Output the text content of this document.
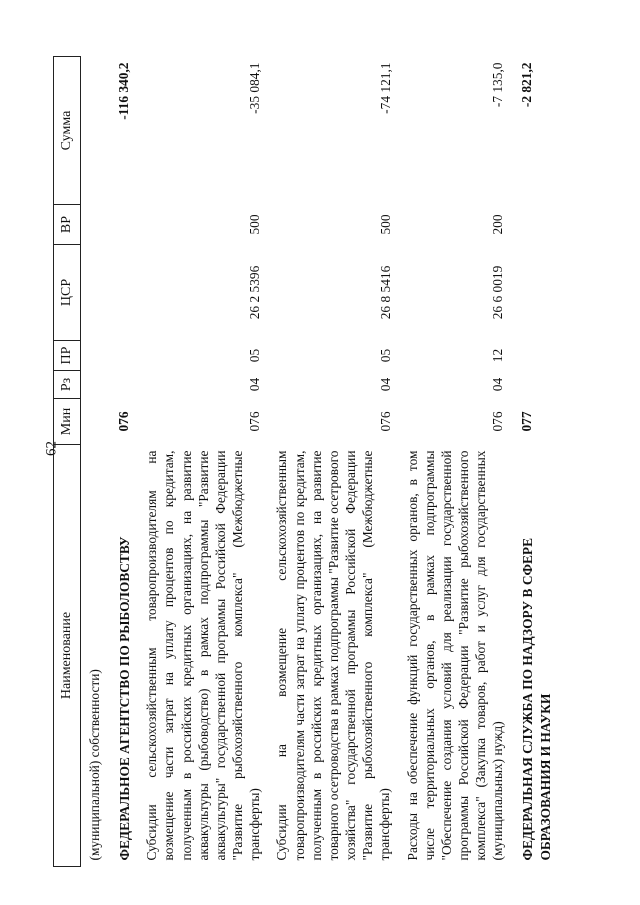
62
Наименование	Мин	Рз	ПР	ЦСР	ВР	Сумма
(муниципальной) собственности)						
ФЕДЕРАЛЬНОЕ АГЕНТСТВО ПО РЫБОЛОВСТВУ	076					-116 340,2
Субсидии сельскохозяйственным товаропроизводителям на возмещение части затрат на уплату процентов по кредитам, полученным в российских кредитных организациях, на развитие аквакультуры (рыбоводство) в рамках подпрограммы "Развитие аквакультуры" государственной программы Российской Федерации "Развитие рыбохозяйственного комплекса" (Межбюджетные трансферты)	076	04	05	26 2 5396	500	-35 084,1
Субсидии на возмещение сельскохозяйственным товаропроизводителям части затрат на уплату процентов по кредитам, полученным в российских кредитных организациях, на развитие товарного осетроводства в рамках подпрограммы "Развитие осетрового хозяйства" государственной программы Российской Федерации "Развитие рыбохозяйственного комплекса" (Межбюджетные трансферты)	076	04	05	26 8 5416	500	-74 121,1
Расходы на обеспечение функций государственных органов, в том числе территориальных органов, в рамках подпрограммы "Обеспечение создания условий для реализации государственной программы Российской Федерации "Развитие рыбохозяйственного комплекса" (Закупка товаров, работ и услуг для государственных (муниципальных) нужд)	076	04	12	26 6 0019	200	-7 135,0
ФЕДЕРАЛЬНАЯ СЛУЖБА ПО НАДЗОРУ В СФЕРЕ ОБРАЗОВАНИЯ И НАУКИ	077					-2 821,2
